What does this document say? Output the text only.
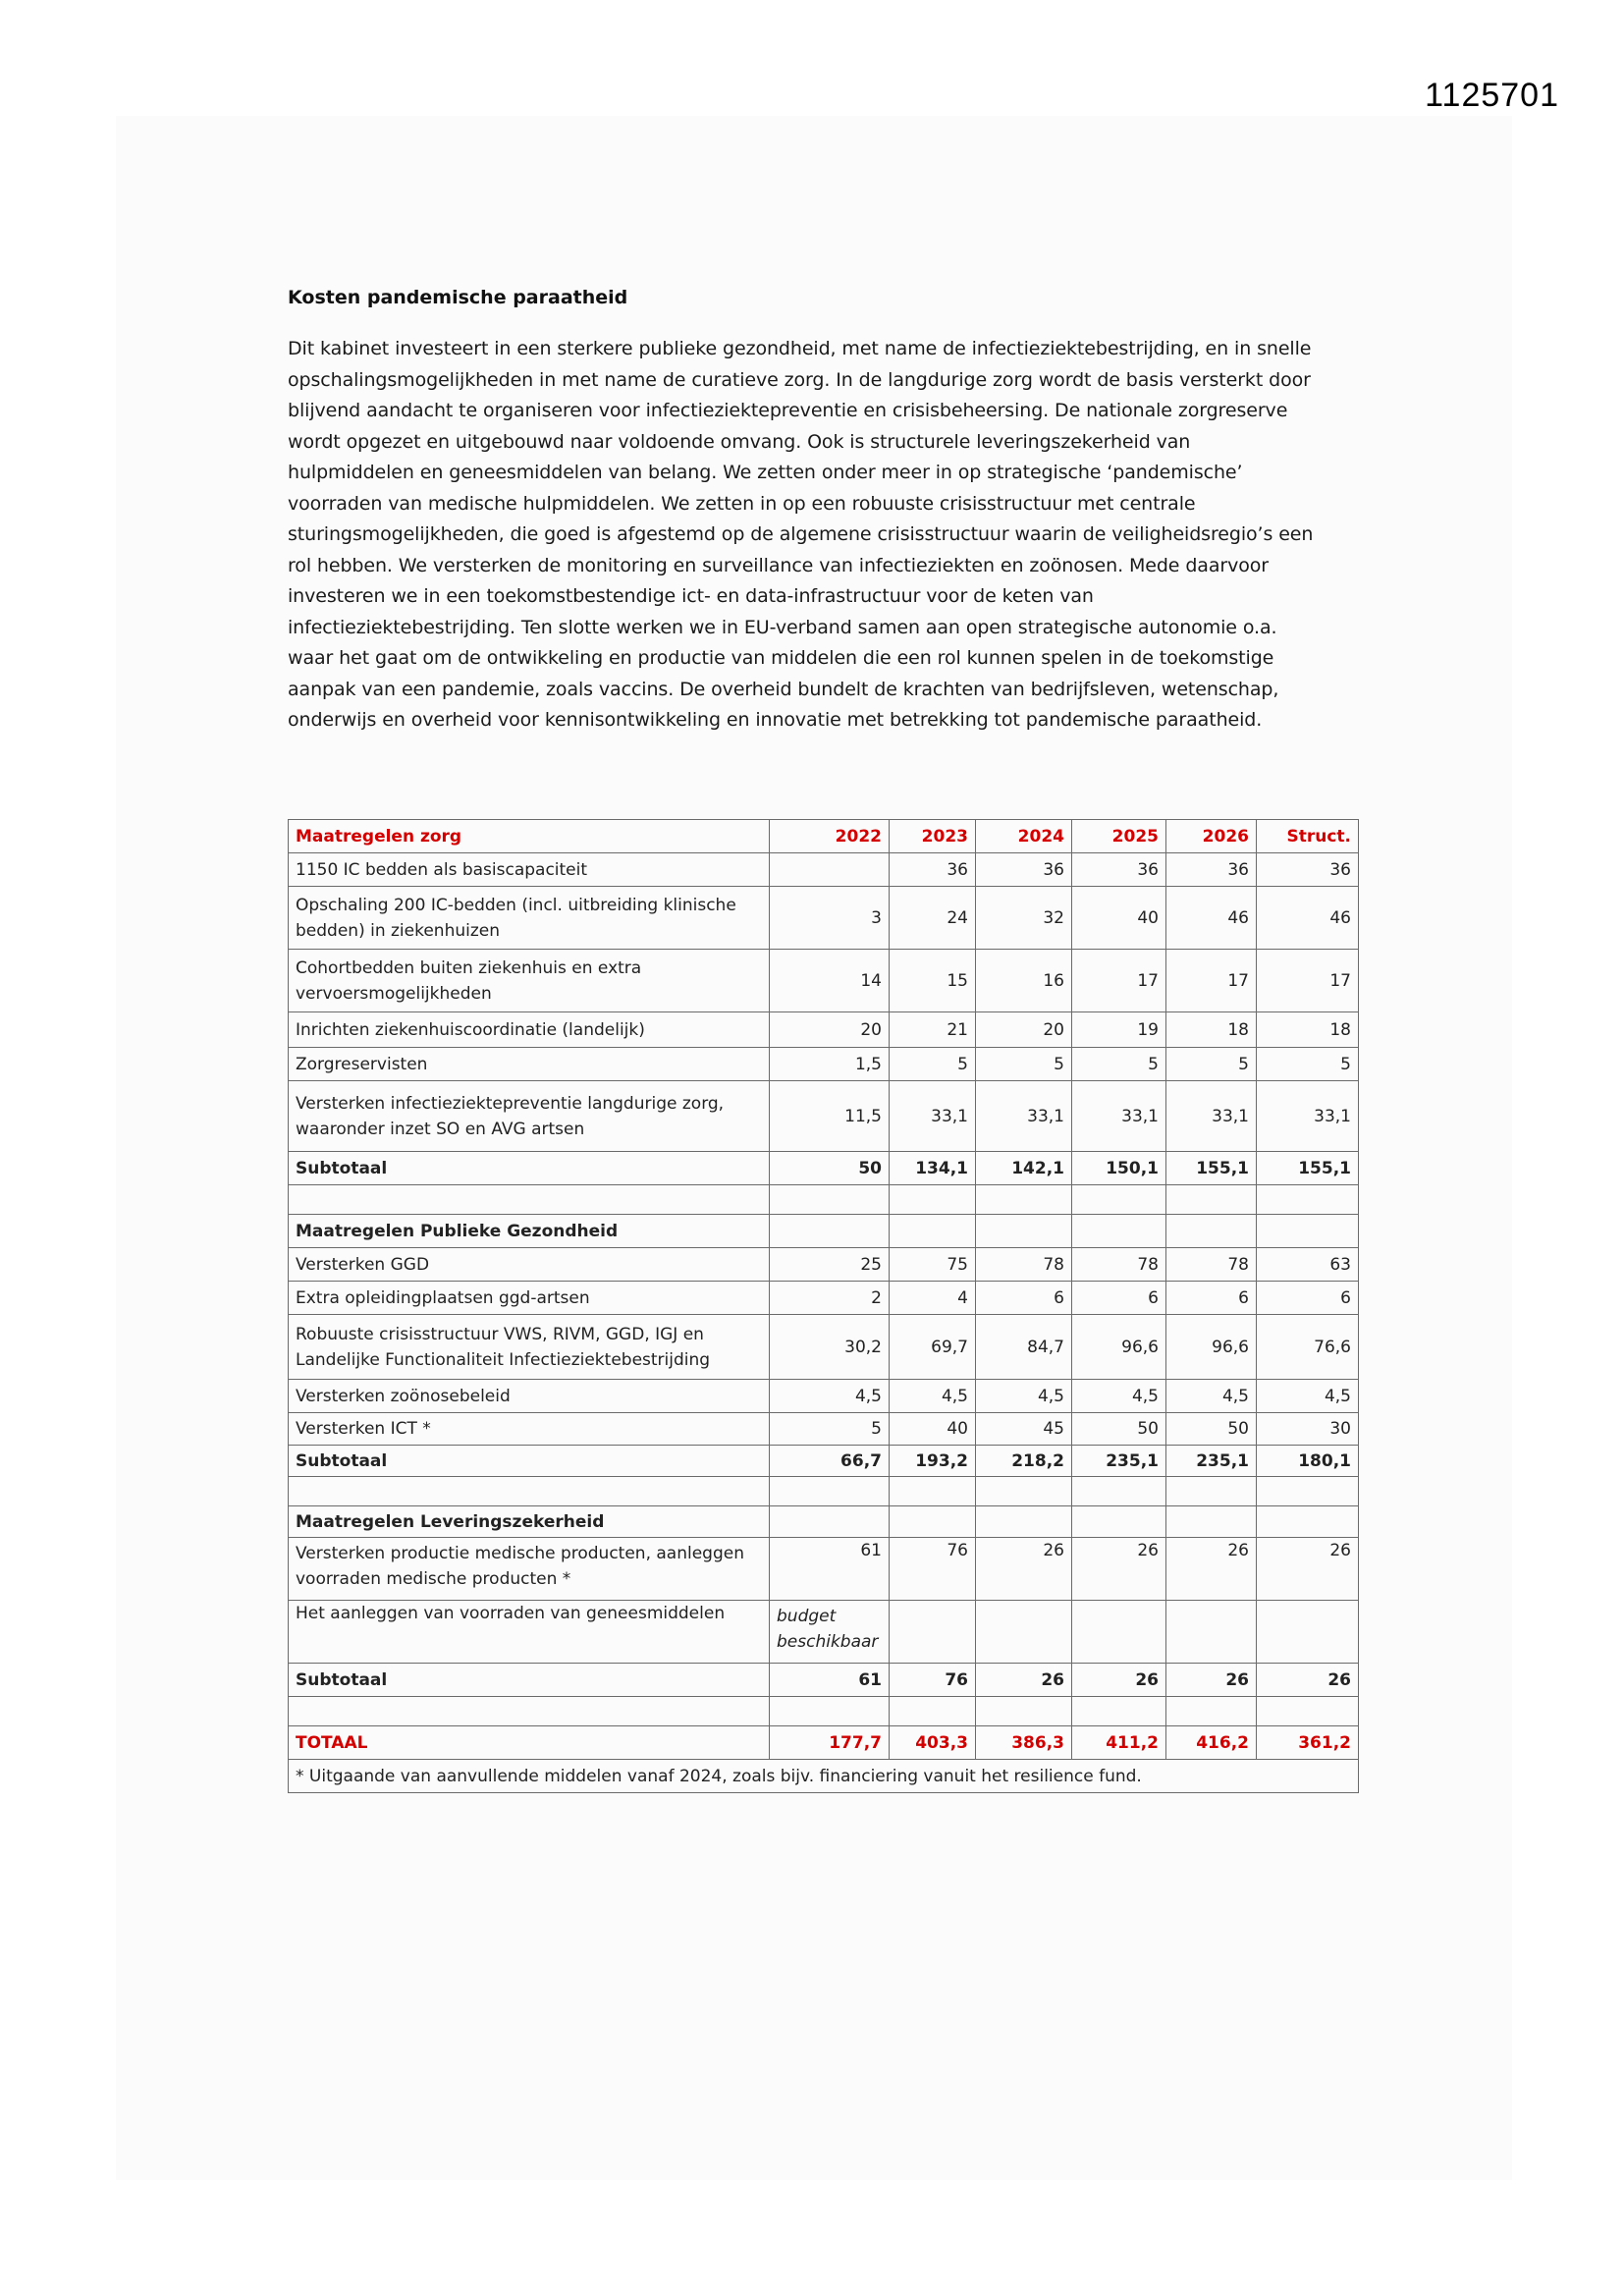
1125701
Kosten pandemische paraatheid

Dit kabinet investeert in een sterkere publieke gezondheid, met name de infectieziektebestrijding, en in snelle
opschalingsmogelijkheden in met name de curatieve zorg. In de langdurige zorg wordt de basis versterkt door
blijvend aandacht te organiseren voor infectieziektepreventie en crisisbeheersing. De nationale zorgreserve
wordt opgezet en uitgebouwd naar voldoende omvang. Ook is structurele leveringszekerheid van
hulpmiddelen en geneesmiddelen van belang. We zetten onder meer in op strategische ‘pandemische’
voorraden van medische hulpmiddelen. We zetten in op een robuuste crisisstructuur met centrale
sturingsmogelijkheden, die goed is afgestemd op de algemene crisisstructuur waarin de veiligheidsregio’s een
rol hebben. We versterken de monitoring en surveillance van infectieziekten en zoönosen. Mede daarvoor
investeren we in een toekomstbestendige ict- en data-infrastructuur voor de keten van
infectieziektebestrijding. Ten slotte werken we in EU-verband samen aan open strategische autonomie o.a.
waar het gaat om de ontwikkeling en productie van middelen die een rol kunnen spelen in de toekomstige
aanpak van een pandemie, zoals vaccins. De overheid bundelt de krachten van bedrijfsleven, wetenschap,
onderwijs en overheid voor kennisontwikkeling en innovatie met betrekking tot pandemische paraatheid.

Maatregelen zorg	2022	2023	2024	2025	2026	Struct.

1150 IC bedden als basiscapaciteit		36	36	36	36	36

Opschaling 200 IC-bedden (incl. uitbreiding klinische
bedden) in ziekenhuizen	3	24	32	40	46	46

Cohortbedden buiten ziekenhuis en extra
vervoersmogelijkheden	14	15	16	17	17	17

Inrichten ziekenhuiscoordinatie (landelijk)	20	21	20	19	18	18

Zorgreservisten	1,5	5	5	5	5	5

Versterken infectieziektepreventie langdurige zorg,
waaronder inzet SO en AVG artsen	11,5	33,1	33,1	33,1	33,1	33,1
Subtotaal	50	134,1	142,1	150,1	155,1	155,1

Maatregelen Publieke Gezondheid						

Versterken GGD	25	75	78	78	78	63

Extra opleidingplaatsen ggd-artsen	2	4	6	6	6	6

Robuuste crisisstructuur VWS, RIVM, GGD, IGJ en
Landelijke Functionaliteit Infectieziektebestrijding	30,2	69,7	84,7	96,6	96,6	76,6

Versterken zoönosebeleid	4,5	4,5	4,5	4,5	4,5	4,5

Versterken ICT *	5	40	45	50	50	30
Subtotaal	66,7	193,2	218,2	235,1	235,1	180,1

Maatregelen Leveringszekerheid						

Versterken productie medische producten, aanleggen
voorraden medische producten *	61	76	26	26	26	26
Het aanleggen van voorraden van geneesmiddelen	budget
beschikbaar					

Subtotaal	61	76	26	26	26	26

TOTAAL	177,7	403,3	386,3	411,2	416,2	361,2
* Uitgaande van aanvullende middelen vanaf 2024, zoals bijv. financiering vanuit het resilience fund.						
